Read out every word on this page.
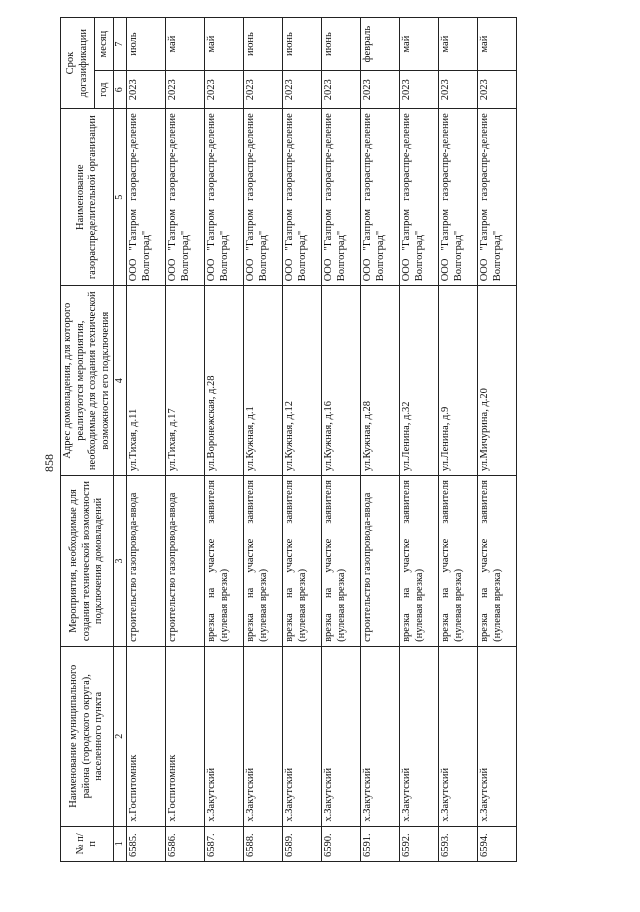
858
№ п/п	Наименование муниципального района (городского округа), населенного пункта	Мероприятия, необходимые для создания технической возможности подключения домовладений	Адрес домовладения, для которого реализуются мероприятия, необходимые для создания технической возможности его подключения	Наименование газораспределительной организации	Срок догазификации	
					год	месяц
1	2	3	4	5	6	7
6585.	х.Госпитомник	строительство газопровода-ввода	ул.Тихая, д.11	ООО "Газпром газораспре-деление Волгоград"	2023	июль
6586.	х.Госпитомник	строительство газопровода-ввода	ул.Тихая, д.17	ООО "Газпром газораспре-деление Волгоград"	2023	май
6587.	х.Закутский	врезка на участке заявителя (нулевая врезка)	ул.Воронежская, д.28	ООО "Газпром газораспре-деление Волгоград"	2023	май
6588.	х.Закутский	врезка на участке заявителя (нулевая врезка)	ул.Кужная, д.1	ООО "Газпром газораспре-деление Волгоград"	2023	июнь
6589.	х.Закутский	врезка на участке заявителя (нулевая врезка)	ул.Кужная, д.12	ООО "Газпром газораспре-деление Волгоград"	2023	июнь
6590.	х.Закутский	врезка на участке заявителя (нулевая врезка)	ул.Кужная, д.16	ООО "Газпром газораспре-деление Волгоград"	2023	июнь
6591.	х.Закутский	строительство газопровода-ввода	ул.Кужная, д.28	ООО "Газпром газораспре-деление Волгоград"	2023	февраль
6592.	х.Закутский	врезка на участке заявителя (нулевая врезка)	ул.Ленина, д.32	ООО "Газпром газораспре-деление Волгоград"	2023	май
6593.	х.Закутский	врезка на участке заявителя (нулевая врезка)	ул.Ленина, д.9	ООО "Газпром газораспре-деление Волгоград"	2023	май
6594.	х.Закутский	врезка на участке заявителя (нулевая врезка)	ул.Мичурина, д.20	ООО "Газпром газораспре-деление Волгоград"	2023	май
